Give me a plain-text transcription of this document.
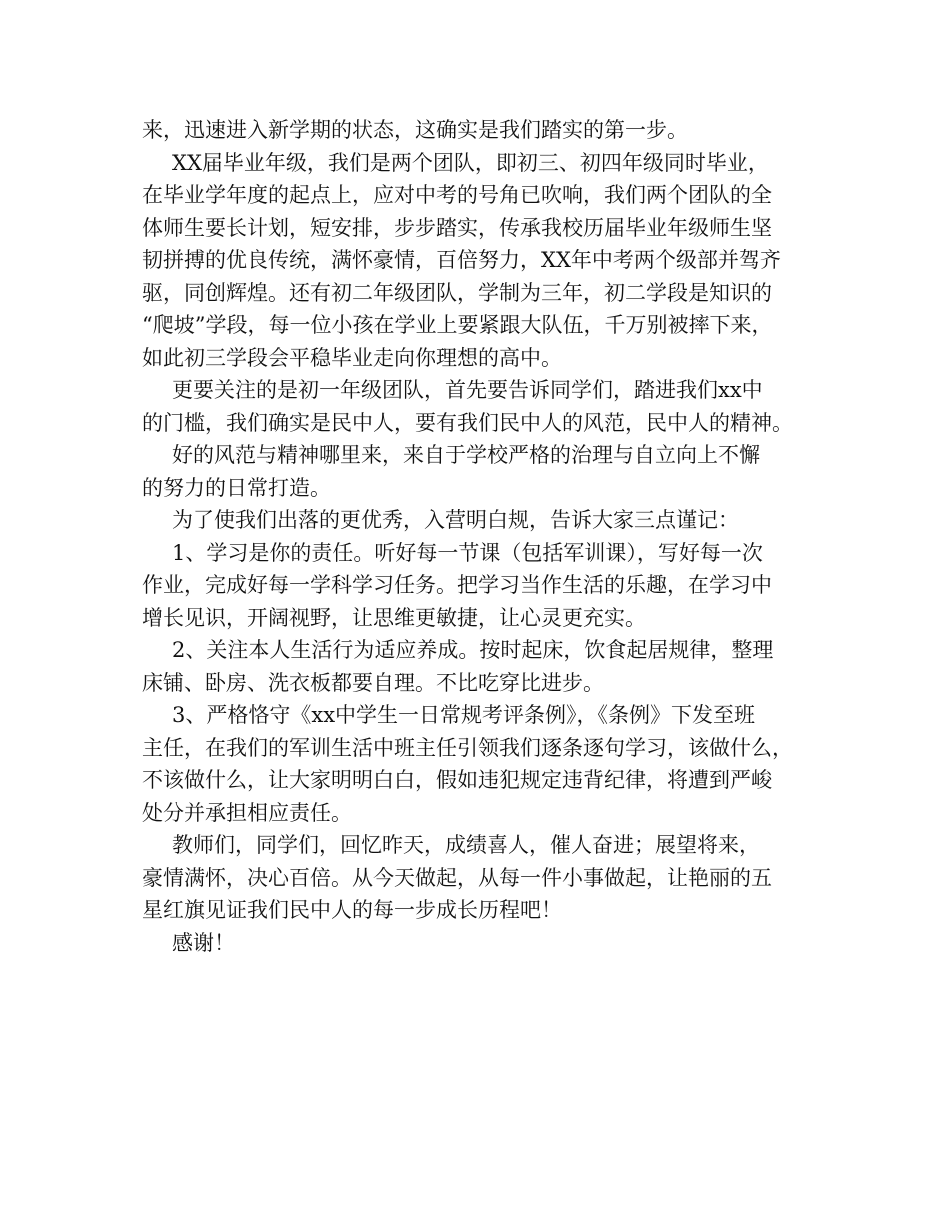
来，迅速进入新学期的状态，这确实是我们踏实的第一步。
XX届毕业年级，我们是两个团队，即初三、初四年级同时毕业，
在毕业学年度的起点上，应对中考的号角已吹响，我们两个团队的全
体师生要长计划，短安排，步步踏实，传承我校历届毕业年级师生坚
韧拼搏的优良传统，满怀豪情，百倍努力，XX年中考两个级部并驾齐
驱，同创辉煌。还有初二年级团队，学制为三年，初二学段是知识的
“爬坡”学段，每一位小孩在学业上要紧跟大队伍，千万别被摔下来，
如此初三学段会平稳毕业走向你理想的高中。
更要关注的是初一年级团队，首先要告诉同学们，踏进我们xx中
的门槛，我们确实是民中人，要有我们民中人的风范，民中人的精神。
好的风范与精神哪里来，来自于学校严格的治理与自立向上不懈
的努力的日常打造。
为了使我们出落的更优秀，入营明白规，告诉大家三点谨记：
1、学习是你的责任。听好每一节课（包括军训课），写好每一次
作业，完成好每一学科学习任务。把学习当作生活的乐趣，在学习中
增长见识，开阔视野，让思维更敏捷，让心灵更充实。
2、关注本人生活行为适应养成。按时起床，饮食起居规律，整理
床铺、卧房、洗衣板都要自理。不比吃穿比进步。
3、严格恪守《xx中学生一日常规考评条例》，《条例》下发至班
主任，在我们的军训生活中班主任引领我们逐条逐句学习，该做什么，
不该做什么，让大家明明白白，假如违犯规定违背纪律，将遭到严峻
处分并承担相应责任。
教师们，同学们，回忆昨天，成绩喜人，催人奋进；展望将来，
豪情满怀，决心百倍。从今天做起，从每一件小事做起，让艳丽的五
星红旗见证我们民中人的每一步成长历程吧！
感谢！
